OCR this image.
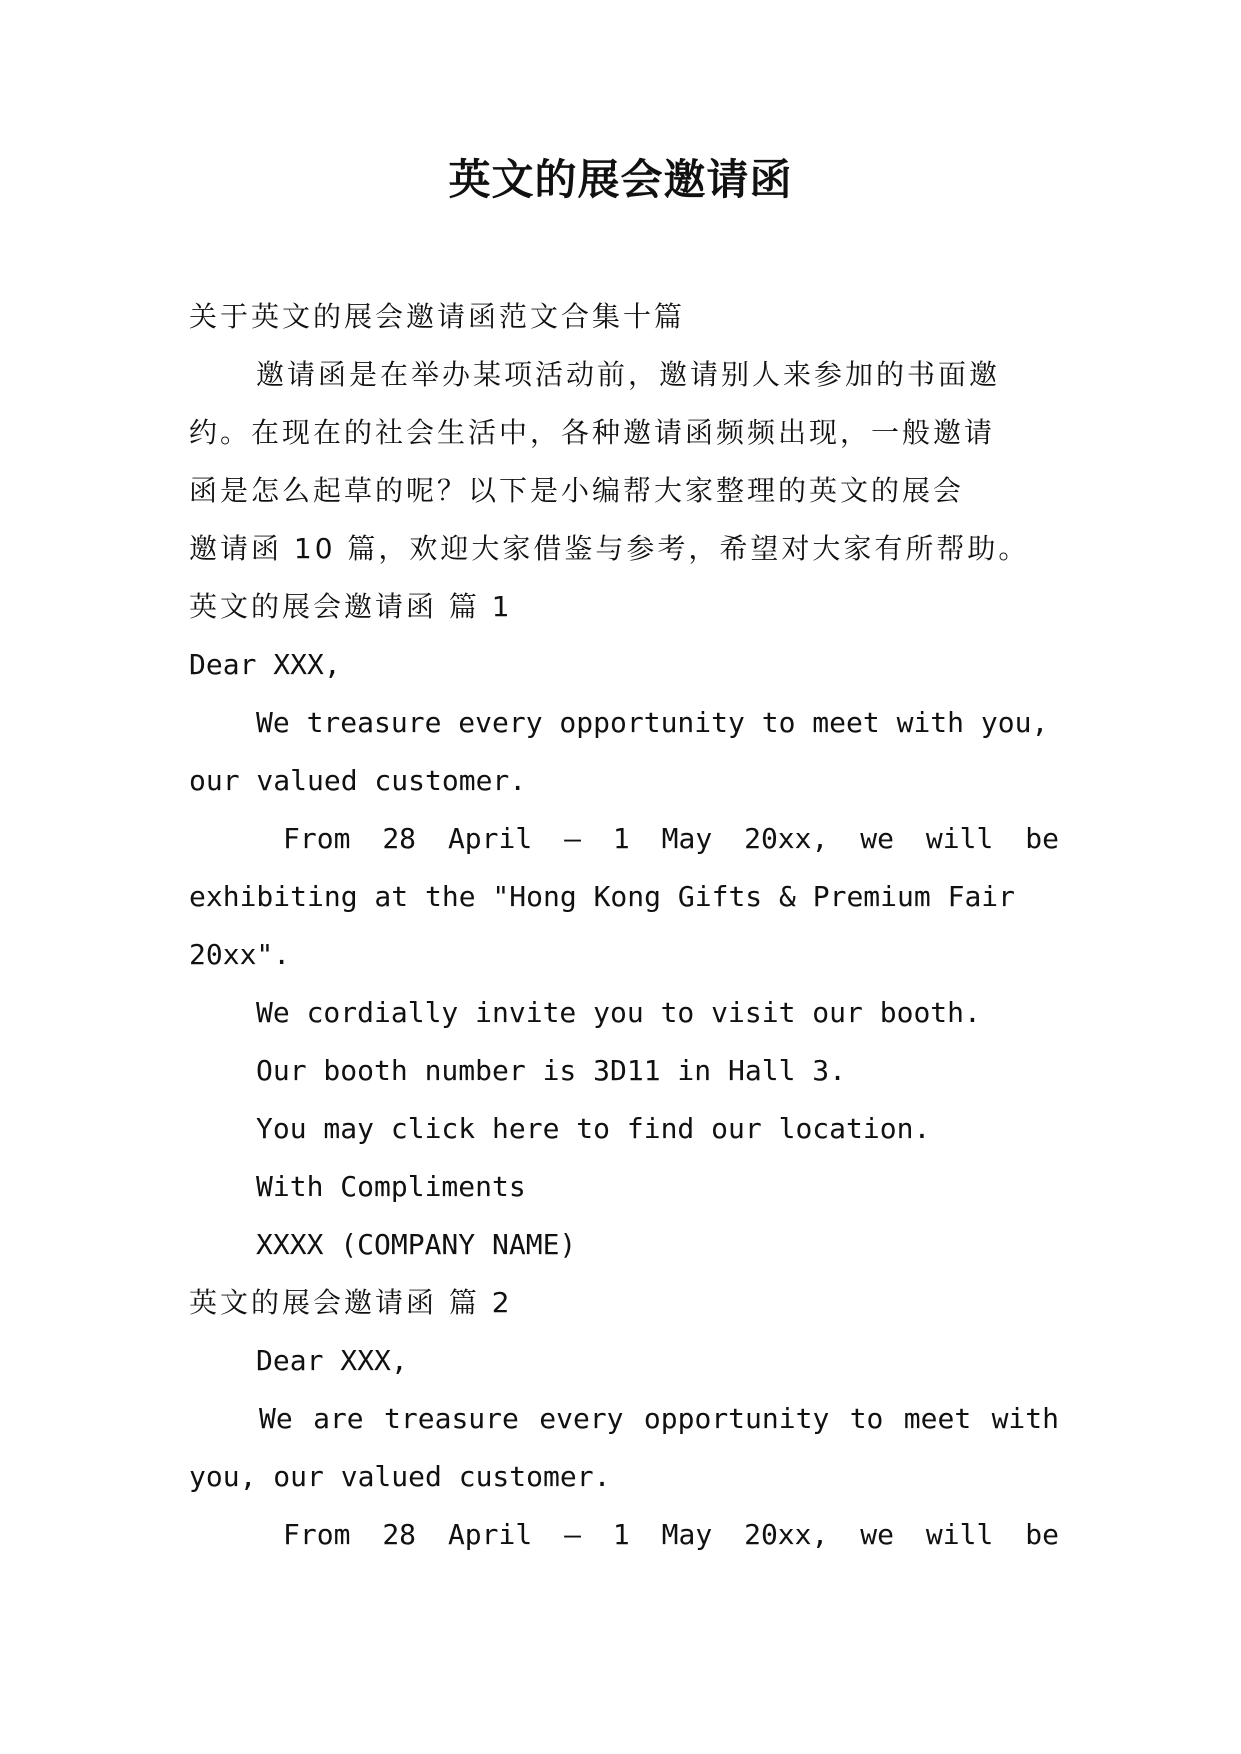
英文的展会邀请函

关于英文的展会邀请函范文合集十篇

邀请函是在举办某项活动前，邀请别人来参加的书面邀

约。在现在的社会生活中，各种邀请函频频出现，一般邀请

函是怎么起草的呢？以下是小编帮大家整理的英文的展会

邀请函 10 篇，欢迎大家借鉴与参考，希望对大家有所帮助。

英文的展会邀请函 篇 1

Dear XXX,

We treasure every opportunity to meet with you,

our valued customer.

From 28 April – 1 May 20xx, we will be

exhibiting at the "Hong Kong Gifts & Premium Fair

20xx".

We cordially invite you to visit our booth.

Our booth number is 3D11 in Hall 3.

You may click here to find our location.

With Compliments

XXXX (COMPANY NAME)

英文的展会邀请函 篇 2

Dear XXX,

We are treasure every opportunity to meet with

you, our valued customer.

From 28 April – 1 May 20xx, we will be
